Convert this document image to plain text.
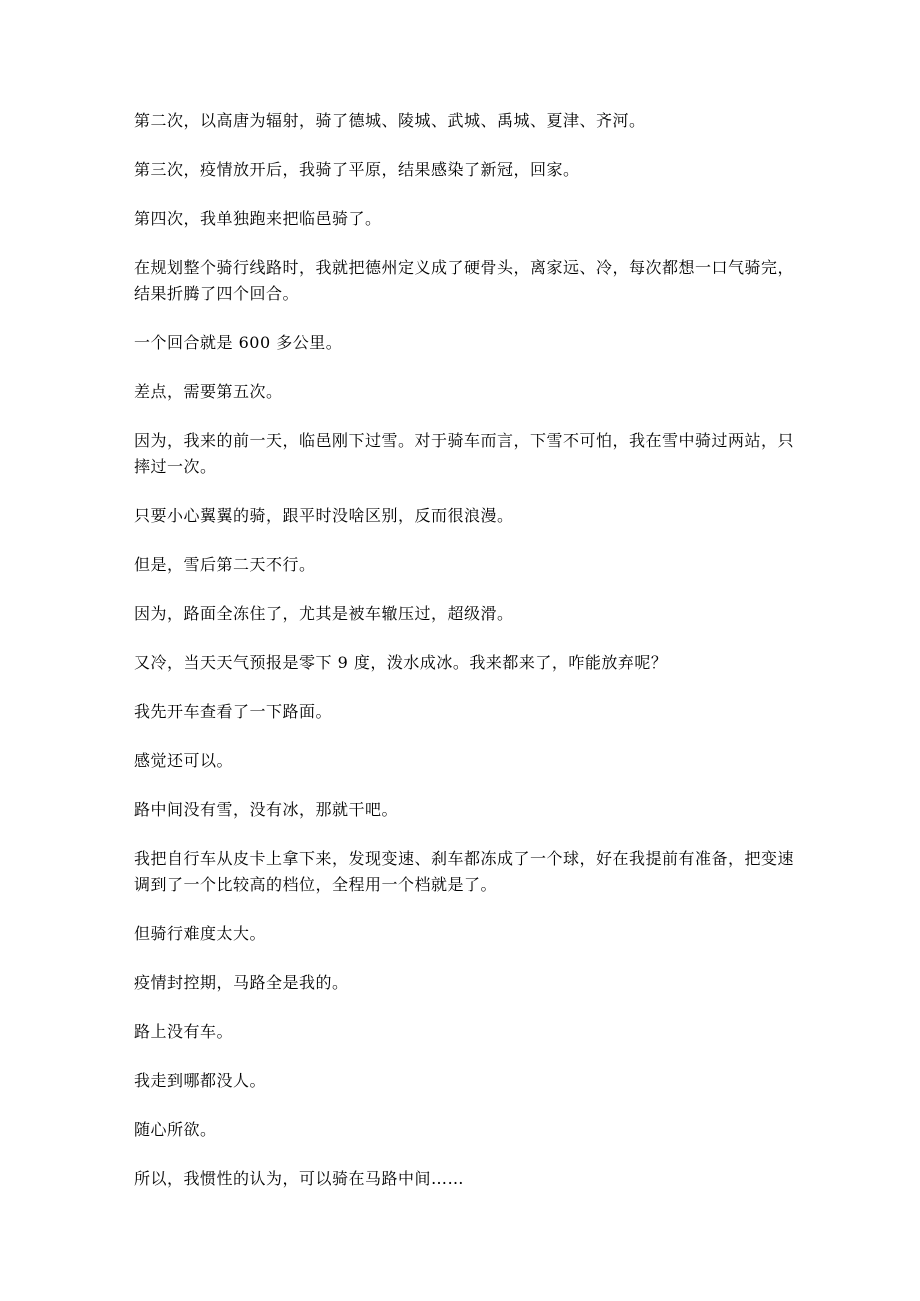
第二次，以高唐为辐射，骑了德城、陵城、武城、禹城、夏津、齐河。

第三次，疫情放开后，我骑了平原，结果感染了新冠，回家。

第四次，我单独跑来把临邑骑了。

在规划整个骑行线路时，我就把德州定义成了硬骨头，离家远、冷，每次都想一口气骑完，结果折腾了四个回合。

一个回合就是 600 多公里。

差点，需要第五次。

因为，我来的前一天，临邑刚下过雪。对于骑车而言，下雪不可怕，我在雪中骑过两站，只摔过一次。

只要小心翼翼的骑，跟平时没啥区别，反而很浪漫。

但是，雪后第二天不行。

因为，路面全冻住了，尤其是被车辙压过，超级滑。

又冷，当天天气预报是零下 9 度，泼水成冰。我来都来了，咋能放弃呢？

我先开车查看了一下路面。

感觉还可以。

路中间没有雪，没有冰，那就干吧。

我把自行车从皮卡上拿下来，发现变速、刹车都冻成了一个球，好在我提前有准备，把变速调到了一个比较高的档位，全程用一个档就是了。

但骑行难度太大。

疫情封控期，马路全是我的。

路上没有车。

我走到哪都没人。

随心所欲。

所以，我惯性的认为，可以骑在马路中间……
